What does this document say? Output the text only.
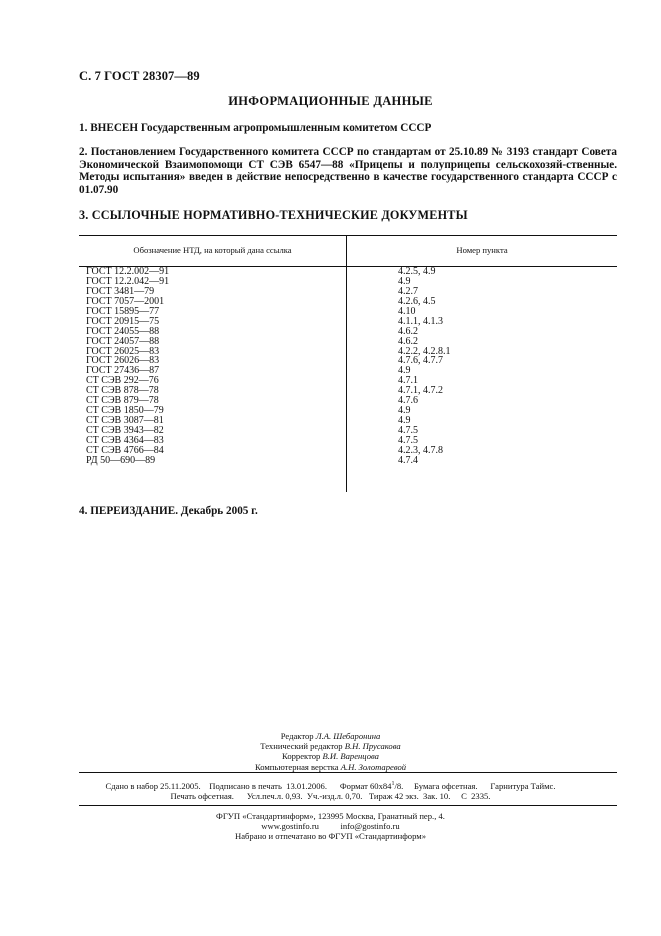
С. 7 ГОСТ 28307—89
ИНФОРМАЦИОННЫЕ ДАННЫЕ
1. ВНЕСЕН Государственным агропромышленным комитетом СССР
2. Постановлением Государственного комитета СССР по стандартам от 25.10.89 № 3193 стандарт Совета Экономической Взаимопомощи СТ СЭВ 6547—88 «Прицепы и полуприцепы сельскохозяй-ственные. Методы испытания» введен в действие непосредственно в качестве государственного стандарта СССР с 01.07.90
3. ССЫЛОЧНЫЕ НОРМАТИВНО-ТЕХНИЧЕСКИЕ ДОКУМЕНТЫ
Обозначение НТД, на который дана ссылка	Номер пункта
ГОСТ 12.2.002—91	4.2.5, 4.9
ГОСТ 12.2.042—91	4.9
ГОСТ 3481—79	4.2.7
ГОСТ 7057—2001	4.2.6, 4.5
ГОСТ 15895—77	4.10
ГОСТ 20915—75	4.1.1, 4.1.3
ГОСТ 24055—88	4.6.2
ГОСТ 24057—88	4.6.2
ГОСТ 26025—83	4.2.2, 4.2.8.1
ГОСТ 26026—83	4.7.6, 4.7.7
ГОСТ 27436—87	4.9
СТ СЭВ 292—76	4.7.1
СТ СЭВ 878—78	4.7.1, 4.7.2
СТ СЭВ 879—78	4.7.6
СТ СЭВ 1850—79	4.9
СТ СЭВ 3087—81	4.9
СТ СЭВ 3943—82	4.7.5
СТ СЭВ 4364—83	4.7.5
СТ СЭВ 4766—84	4.2.3, 4.7.8
РД 50—690—89	4.7.4
4. ПЕРЕИЗДАНИЕ. Декабрь 2005 г.
Редактор Л.А. Шебаронина
Технический редактор В.Н. Прусакова
Корректор В.И. Варенцова
Компьютерная верстка А.Н. Золотаревой
Сдано в набор 25.11.2005.    Подписано в печать  13.01.2006.      Формат $60х84^1/8$.     Бумага офсетная.      Гарнитура Таймс.
Печать офсетная.      Усл.печ.л. 0,93.  Уч.-изд.л. 0,70.   Тираж 42 экз.  Зак. 10.     С  2335.
ФГУП «Стандартинформ», 123995 Москва, Гранатный пер., 4.
www.gostinfo.ru          info@gostinfo.ru
Набрано и отпечатано во ФГУП «Стандартинформ»
